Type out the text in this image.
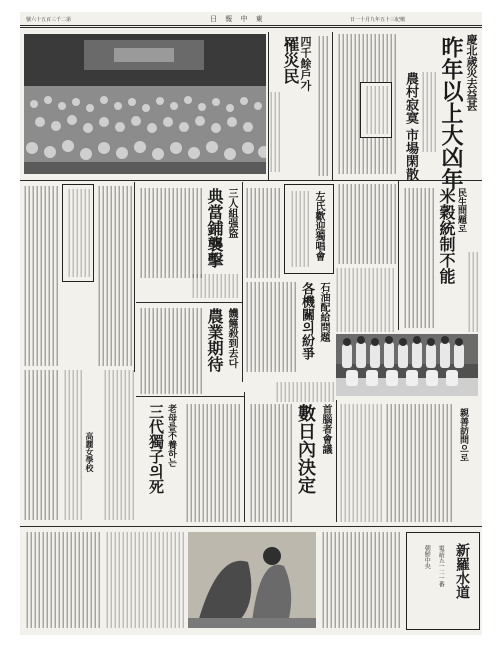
號六十五百三千二第	日 報 中 東	日一十月九年五十三紀檀
四千餘戶가
罹災民	慶北歲災去益甚
昨年以上大凶年
農村寂寞 市場閑散
三人組强盜
典當鋪襲擊	左氏歡迎獨唱會	民生問題로
米穀統制不能
石油配給問題
各機關의紛爭
饑饉殺到去다
農業期待
首腦者會議
數日內決定	親善訪問으로
老母를不養하는
三代獨子의死
高麗女學校
新羅水道
電話五一二一番
朝鮮中央
